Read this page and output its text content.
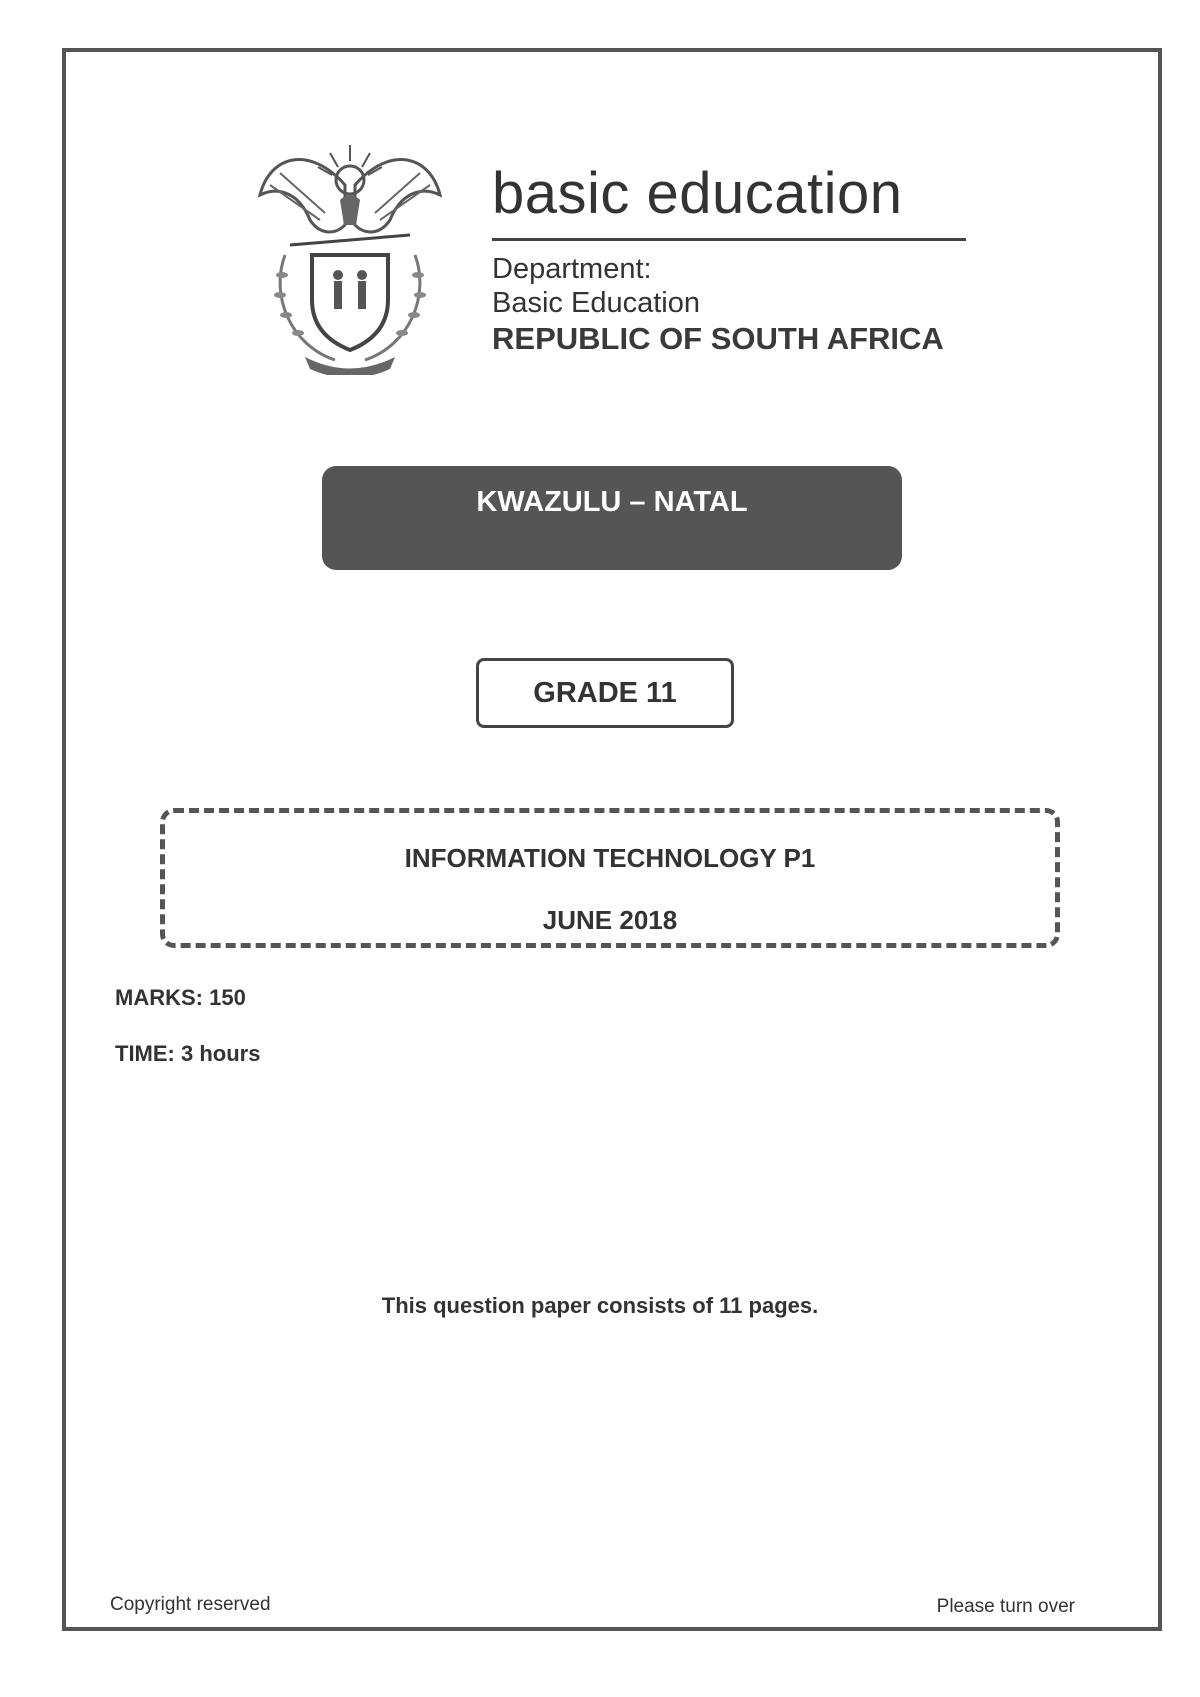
basic education
Department:
Basic Education
REPUBLIC OF SOUTH AFRICA
KWAZULU – NATAL
GRADE 11
INFORMATION TECHNOLOGY P1
JUNE 2018
MARKS: 150
TIME: 3 hours
This question paper consists of 11 pages.
Copyright reserved	Please turn over
